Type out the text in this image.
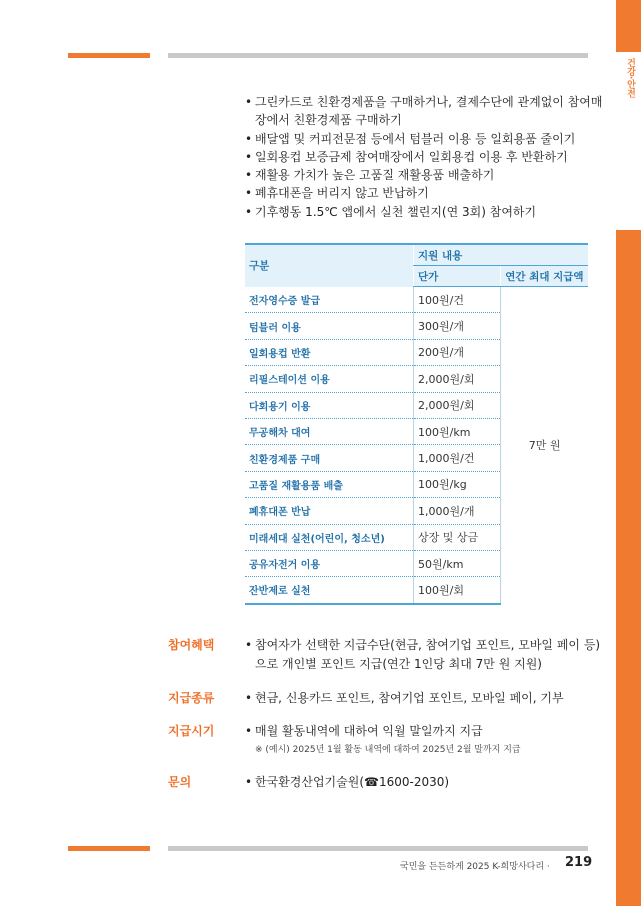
건강·안전

• 그린카드로 친환경제품을 구매하거나, 결제수단에 관계없이 참여매장에서 친환경제품 구매하기

• 배달앱 및 커피전문점 등에서 텀블러 이용 등 일회용품 줄이기

• 일회용컵 보증금제 참여매장에서 일회용컵 이용 후 반환하기

• 재활용 가치가 높은 고품질 재활용품 배출하기

• 폐휴대폰을 버리지 않고 반납하기

• 기후행동 1.5℃ 앱에서 실천 챌린지(연 3회) 참여하기

구분	지원 내용	
	단가	연간 최대 지급액
전자영수증 발급	100원/건	7만 원
텀블러 이용	300원/개	
일회용컵 반환	200원/개	
리필스테이션 이용	2,000원/회	
다회용기 이용	2,000원/회	
무공해차 대여	100원/km	
친환경제품 구매	1,000원/건	
고품질 재활용품 배출	100원/kg	
폐휴대폰 반납	1,000원/개	
미래세대 실천(어린이, 청소년)	상장 및 상금	
공유자전거 이용	50원/km	
잔반제로 실천	100원/회	
참여혜택	• 참여자가 선택한 지급수단(현금, 참여기업 포인트, 모바일 페이 등)으로 개인별 포인트 지급(연간 1인당 최대 7만 원 지원)

지급종류	• 현금, 신용카드 포인트, 참여기업 포인트, 모바일 페이, 기부

지급시기	• 매월 활동내역에 대하여 익월 말일까지 지급

※ (예시) 2025년 1월 활동 내역에 대하여 2025년 2월 말까지 지급
문의	• 한국환경산업기술원(☎1600-2030)

국민을 든든하게 2025 K-희망사다리 · 219
